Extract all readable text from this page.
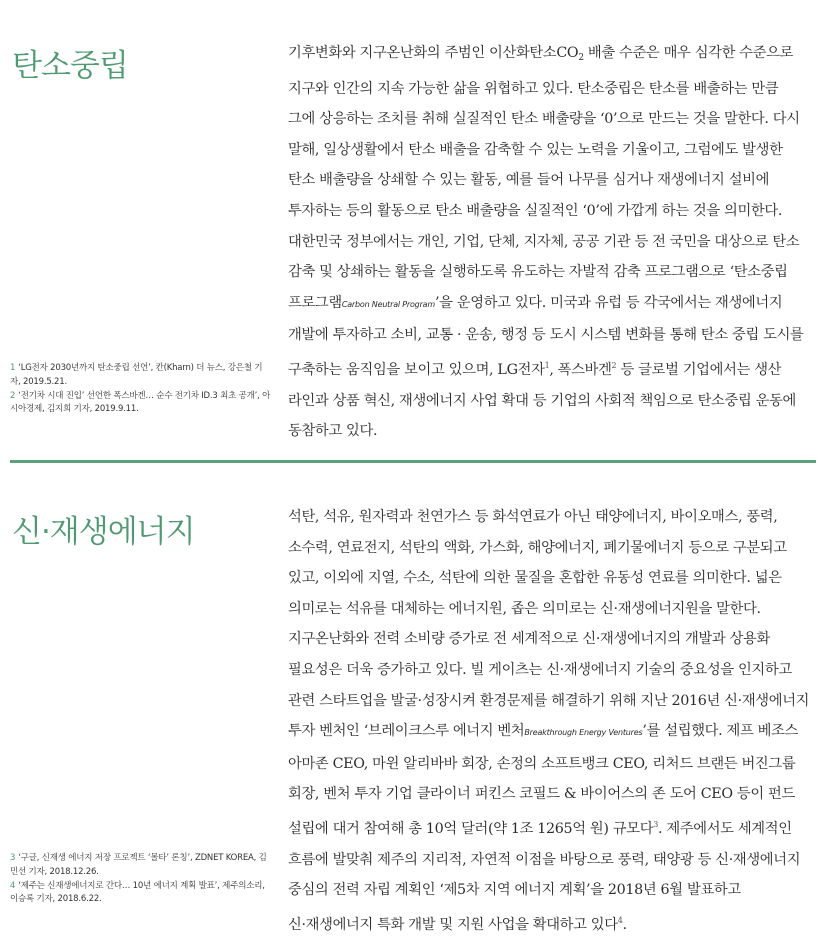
탄소중립	기후변화와 지구온난화의 주범인 이산화탄소$CO_2$ 배출 수준은 매우 심각한 수준으로

지구와 인간의 지속 가능한 삶을 위협하고 있다. 탄소중립은 탄소를 배출하는 만큼

그에 상응하는 조치를 취해 실질적인 탄소 배출량을 ‘0’으로 만드는 것을 말한다. 다시

말해, 일상생활에서 탄소 배출을 감축할 수 있는 노력을 기울이고, 그럼에도 발생한

탄소 배출량을 상쇄할 수 있는 활동, 예를 들어 나무를 심거나 재생에너지 설비에

투자하는 등의 활동으로 탄소 배출량을 실질적인 ‘0’에 가깝게 하는 것을 의미한다.

대한민국 정부에서는 개인, 기업, 단체, 지자체, 공공 기관 등 전 국민을 대상으로 탄소

감축 및 상쇄하는 활동을 실행하도록 유도하는 자발적 감축 프로그램으로 ‘탄소중립

프로그램Carbon Neutral Program’을 운영하고 있다. 미국과 유럽 등 각국에서는 재생에너지

개발에 투자하고 소비, 교통 · 운송, 행정 등 도시 시스템 변화를 통해 탄소 중립 도시를

구축하는 움직임을 보이고 있으며, LG전자$^1$, 폭스바겐$^2$ 등 글로벌 기업에서는 생산

라인과 상품 혁신, 재생에너지 사업 확대 등 기업의 사회적 책임으로 탄소중립 운동에

동참하고 있다.

1 ‘LG전자 2030년까지 탄소중립 선언’, 칸(Kharn) 더 뉴스, 강은철 기자, 2019.5.21.

2 ‘전기차 시대 진입’ 선언한 폭스바겐… 순수 전기차 ID.3 최초 공개’, 아시아경제, 김지희 기자, 2019.9.11.

신·재생에너지	석탄, 석유, 원자력과 천연가스 등 화석연료가 아닌 태양에너지, 바이오매스, 풍력,

소수력, 연료전지, 석탄의 액화, 가스화, 해양에너지, 폐기물에너지 등으로 구분되고

있고, 이외에 지열, 수소, 석탄에 의한 물질을 혼합한 유동성 연료를 의미한다. 넓은

의미로는 석유를 대체하는 에너지원, 좁은 의미로는 신·재생에너지원을 말한다.

지구온난화와 전력 소비량 증가로 전 세계적으로 신·재생에너지의 개발과 상용화

필요성은 더욱 증가하고 있다. 빌 게이츠는 신·재생에너지 기술의 중요성을 인지하고

관련 스타트업을 발굴·성장시켜 환경문제를 해결하기 위해 지난 2016년 신·재생에너지

투자 벤처인 ‘브레이크스루 에너지 벤처Breakthrough Energy Ventures’를 설립했다. 제프 베조스

아마존 CEO, 마윈 알리바바 회장, 손정의 소프트뱅크 CEO, 리처드 브랜든 버진그룹

회장, 벤처 투자 기업 클라이너 퍼킨스 코필드 & 바이어스의 존 도어 CEO 등이 펀드

설립에 대거 참여해 총 10억 달러(약 1조 1265억 원) 규모다$^3$. 제주에서도 세계적인

흐름에 발맞춰 제주의 지리적, 자연적 이점을 바탕으로 풍력, 태양광 등 신·재생에너지

중심의 전력 자립 계획인 ‘제5차 지역 에너지 계획’을 2018년 6월 발표하고

신·재생에너지 특화 개발 및 지원 사업을 확대하고 있다$^4$.

3 ‘구글, 신재생 에너지 저장 프로젝트 ‘몰타’ 론칭’, ZDNET KOREA, 김민선 기자, 2018.12.26.

4 ‘제주는 신재생에너지로 간다… 10년 에너지 계획 발표’, 제주의소리, 이승록 기자, 2018.6.22.
